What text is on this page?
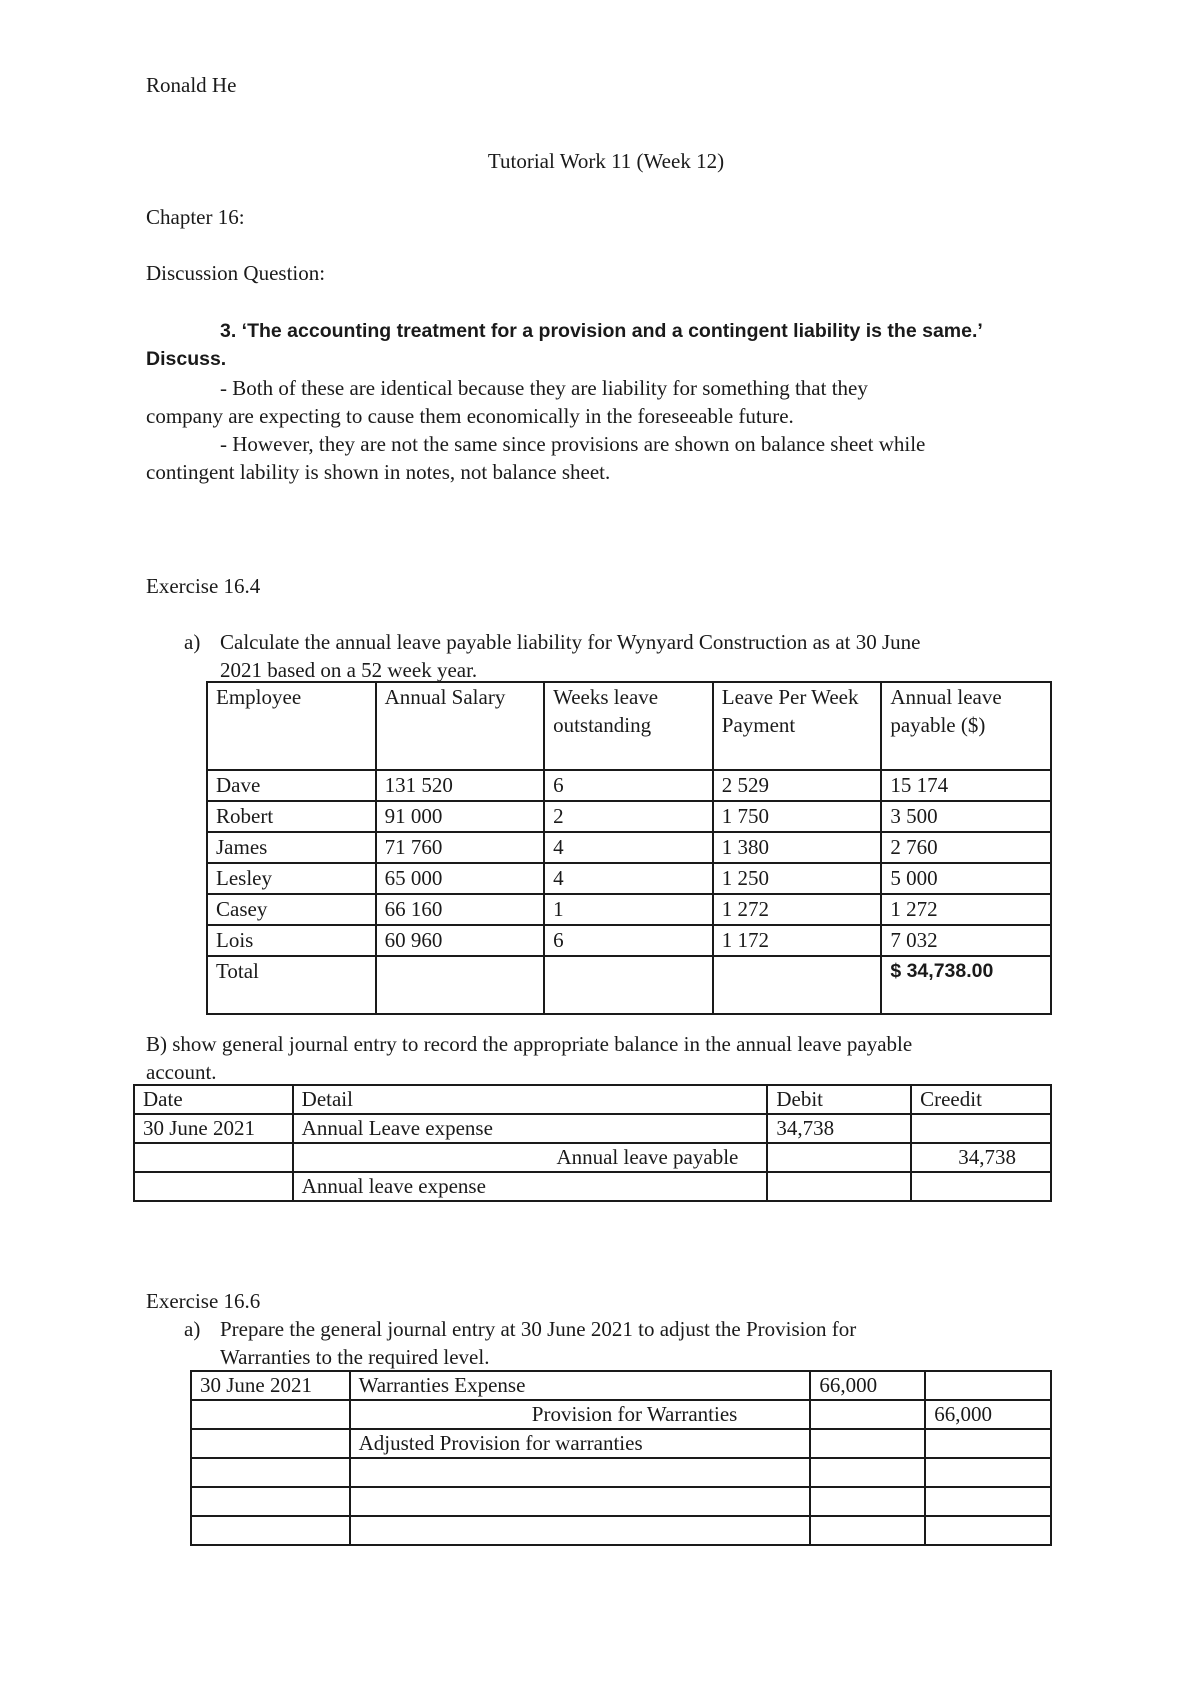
Ronald He
Tutorial Work 11 (Week 12)
Chapter 16:
Discussion Question:
3. ‘The accounting treatment for a provision and a contingent liability is the same.’
Discuss.
- Both of these are identical because they are liability for something that they
company are expecting to cause them economically in the foreseeable future.
- However, they are not the same since provisions are shown on balance sheet while
contingent lability is shown in notes, not balance sheet.
Exercise 16.4
a) Calculate the annual leave payable liability for Wynyard Construction as at 30 June
2021 based on a 52 week year.
Employee	Annual Salary	Weeks leave outstanding	Leave Per Week Payment	Annual leave payable ($)
Dave	131 520	6	2 529	15 174
Robert	91 000	2	1 750	3 500
James	71 760	4	1 380	2 760
Lesley	65 000	4	1 250	5 000
Casey	66 160	1	1 272	1 272
Lois	60 960	6	1 172	7 032
Total				$ 34,738.00
B) show general journal entry to record the appropriate balance in the annual leave payable
account.
Date	Detail	Debit	Creedit
30 June 2021	Annual Leave expense	34,738	
	Annual leave payable		34,738
	Annual leave expense		
Exercise 16.6
a) Prepare the general journal entry at 30 June 2021 to adjust the Provision for
Warranties to the required level.
30 June 2021	Warranties Expense	66,000	
	Provision for Warranties		66,000
	Adjusted Provision for warranties		
